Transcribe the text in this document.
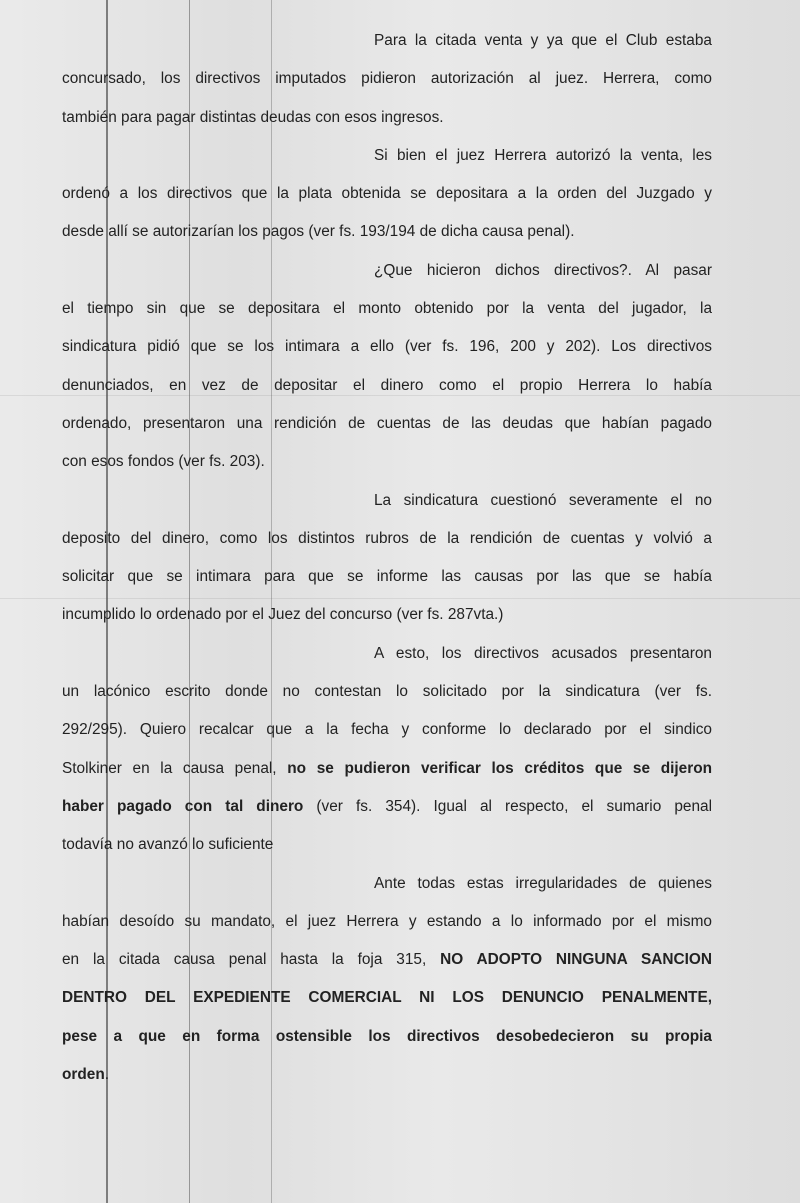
Para la citada venta y ya que el Club estaba
concursado, los directivos imputados pidieron autorización al juez. Herrera, como
también para pagar distintas deudas con esos ingresos.
Si bien el juez Herrera autorizó la venta, les
ordenó a los directivos que la plata obtenida se depositara a la orden del Juzgado y
desde allí se autorizarían los pagos (ver fs. 193/194 de dicha causa penal).
¿Que hicieron dichos directivos?. Al pasar
el tiempo sin que se depositara el monto obtenido por la venta del jugador, la
sindicatura pidió que se los intimara a ello (ver fs. 196, 200 y 202). Los directivos
denunciados, en vez de depositar el dinero como el propio Herrera lo había
ordenado, presentaron una rendición de cuentas de las deudas que habían pagado
con esos fondos (ver fs. 203).
La sindicatura cuestionó severamente el no
deposito del dinero, como los distintos rubros de la rendición de cuentas y volvió a
solicitar que se intimara para que se informe las causas por las que se había
incumplido lo ordenado por el Juez del concurso (ver fs. 287vta.)
A esto, los directivos acusados presentaron
un lacónico escrito donde no contestan lo solicitado por la sindicatura (ver fs.
292/295). Quiero recalcar que a la fecha y conforme lo declarado por el sindico
Stolkiner en la causa penal, no se pudieron verificar los créditos que se dijeron
haber pagado con tal dinero (ver fs. 354). Igual al respecto, el sumario penal
todavía no avanzó lo suficiente
Ante todas estas irregularidades de quienes
habían desoído su mandato, el juez Herrera y estando a lo informado por el mismo
en la citada causa penal hasta la foja 315, NO ADOPTO NINGUNA SANCION
DENTRO DEL EXPEDIENTE COMERCIAL NI LOS DENUNCIO PENALMENTE,
pese a que en forma ostensible los directivos desobedecieron su propia
orden.
